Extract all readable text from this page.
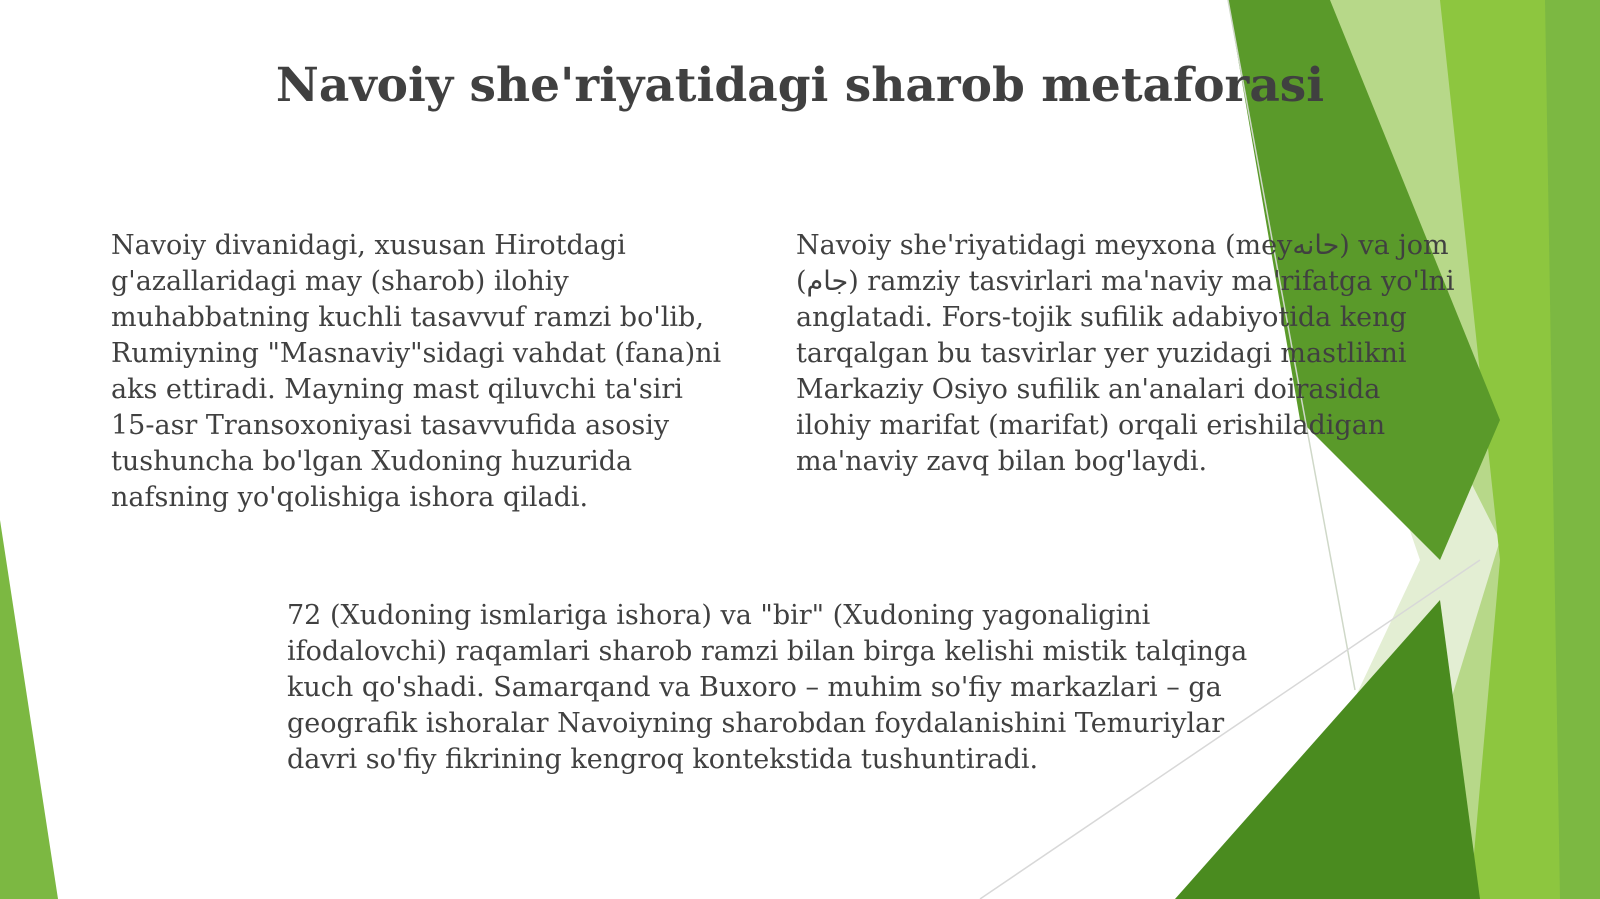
Navoiy she'riyatidagi sharob metaforasi
Navoiy divanidagi, xususan Hirotdagi
g'azallaridagi may (sharob) ilohiy
muhabbatning kuchli tasavvuf ramzi bo'lib,
Rumiyning "Masnaviy"sidagi vahdat (fana)ni
aks ettiradi. Mayning mast qiluvchi ta'siri
15-asr Transoxoniyasi tasavvufida asosiy
tushuncha bo'lgan Xudoning huzurida
nafsning yo'qolishiga ishora qiladi.
Navoiy she'riyatidagi meyxona (meyحانه) va jom
(جام) ramziy tasvirlari ma'naviy ma'rifatga yo'lni
anglatadi. Fors-tojik sufilik adabiyotida keng
tarqalgan bu tasvirlar yer yuzidagi mastlikni
Markaziy Osiyo sufilik an'analari doirasida
ilohiy marifat (marifat) orqali erishiladigan
ma'naviy zavq bilan bog'laydi.
72 (Xudoning ismlariga ishora) va "bir" (Xudoning yagonaligini
ifodalovchi) raqamlari sharob ramzi bilan birga kelishi mistik talqinga
kuch qo'shadi. Samarqand va Buxoro – muhim so'fiy markazlari – ga
geografik ishoralar Navoiyning sharobdan foydalanishini Temuriylar
davri so'fiy fikrining kengroq kontekstida tushuntiradi.
